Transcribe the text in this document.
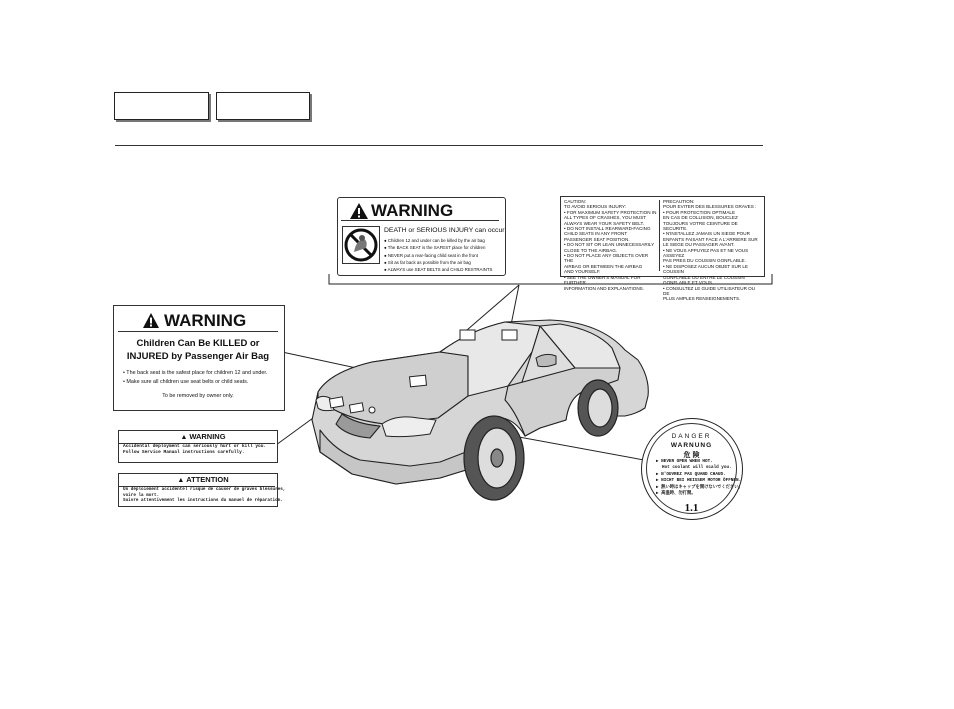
WARNING
DEATH or SERIOUS INJURY can occur
● Children 12 and under can be killed by the air bag
● The BACK SEAT is the SAFEST place for children
● NEVER put a rear-facing child seat in the front
● Sit as far back as possible from the air bag
● ALWAYS use SEAT BELTS and CHILD RESTRAINTS
CAUTION:
TO AVOID SERIOUS INJURY:
• FOR MAXIMUM SAFETY PROTECTION IN
ALL TYPES OF CRASHES, YOU MUST
ALWAYS WEAR YOUR SAFETY BELT.
• DO NOT INSTALL REARWARD-FACING
CHILD SEATS IN ANY FRONT
PASSENGER SEAT POSITION.
• DO NOT SIT OR LEAN UNNECESSARILY
CLOSE TO THE AIRBAG.
• DO NOT PLACE ANY OBJECTS OVER THE
AIRBAG OR BETWEEN THE AIRBAG
AND YOURSELF.
• SEE THE OWNER'S MANUAL FOR FURTHER
INFORMATION AND EXPLANATIONS.
PRECAUTION:
POUR EVITER DES BLESSURES GRAVES :
• POUR PROTECTION OPTIMALE
EN CAS DE COLLISION, BOUCLEZ
TOUJOURS VOTRE CEINTURE DE SECURITE.
• N'INSTALLEZ JAMAIS UN SIEGE POUR
ENFANTS FAISANT FACE A L'ARRIERE SUR
LE SIEGE DU PASSAGER AVANT.
• NE VOUS APPUYEZ PAS ET NE VOUS ASSEYEZ
PAS PRES DU COUSSIN GONFLABLE.
• NE DISPOSEZ AUCUN OBJET SUR LE COUSSIN
GONFLABLE OU ENTRE LE COUSSIN
GONFLABLE ET VOUS.
• CONSULTEZ LE GUIDE UTILISATEUR OU DE
PLUS AMPLES RENSEIGNEMENTS.
WARNING
Children Can Be KILLED or
INJURED by Passenger Air Bag
• The back seat is the safest place for children 12 and under.
• Make sure all children use seat belts or child seats.
To be removed by owner only.
▲ WARNING
Accidental deployment can seriously hurt or kill you.
Follow Service Manual instructions carefully.
▲ ATTENTION
Un déploiement accidentel risque de causer de graves blessures,
voire la mort.
Suivre attentivement les instructions du manuel de réparation.
DANGER
WARNUNG
危 険
▶ NEVER OPEN WHEN HOT.
Hot coolant will scald you.
▶ N'OUVREZ PAS QUAND CHAUD.
▶ NICHT BEI HEISSEM MOTOR ÖFFNEN.
▶ 熱い時はキャップを開けないでください。
▶ 高温時、勿打開。
1.1
